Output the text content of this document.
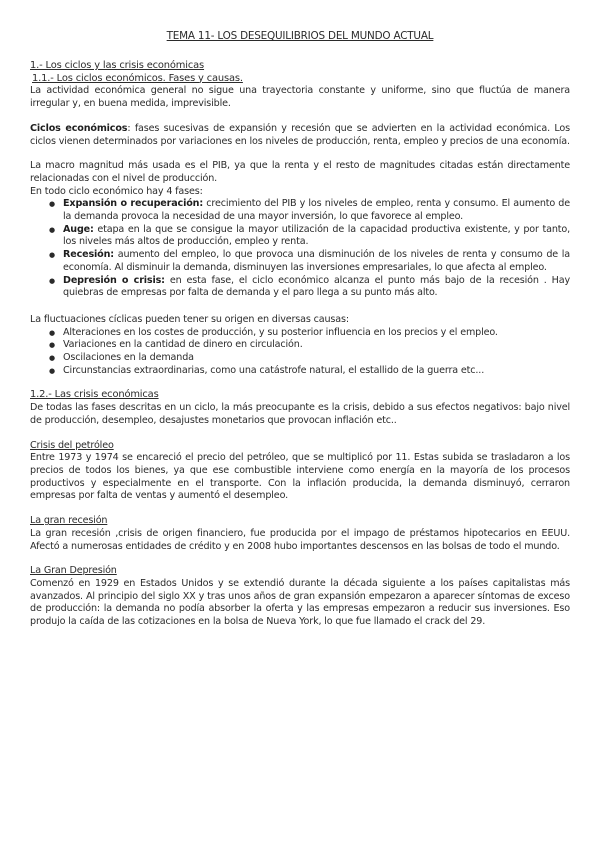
TEMA 11- LOS DESEQUILIBRIOS DEL MUNDO ACTUAL

1.- Los ciclos y las crisis económicas

1.1.- Los ciclos económicos. Fases y causas.

La actividad económica general no sigue una trayectoria constante y uniforme, sino que fluctúa de manera irregular y, en buena medida, imprevisible.

Ciclos económicos: fases sucesivas de expansión y recesión que se advierten en la actividad económica. Los ciclos vienen determinados por variaciones en los niveles de producción, renta, empleo y precios de una economía.

La macro magnitud más usada es el PIB, ya que la renta y el resto de magnitudes citadas están directamente relacionadas con el nivel de producción.

En todo ciclo económico hay 4 fases:

● Expansión o recuperación: crecimiento del PIB y los niveles de empleo, renta y consumo. El aumento de la demanda provoca la necesidad de una mayor inversión, lo que favorece al empleo.
● Auge: etapa en la que se consigue la mayor utilización de la capacidad productiva existente, y por tanto, los niveles más altos de producción, empleo y renta.
● Recesión: aumento del empleo, lo que provoca una disminución de los niveles de renta y consumo de la economía. Al disminuir la demanda, disminuyen las inversiones empresariales, lo que afecta al empleo.
● Depresión o crisis: en esta fase, el ciclo económico alcanza el punto más bajo de la recesión . Hay quiebras de empresas por falta de demanda y el paro llega a su punto más alto.

La fluctuaciones cíclicas pueden tener su origen en diversas causas:

● Alteraciones en los costes de producción, y su posterior influencia en los precios y el empleo.
● Variaciones en la cantidad de dinero en circulación.
● Oscilaciones en la demanda
● Circunstancias extraordinarias, como una catástrofe natural, el estallido de la guerra etc...

1.2.- Las crisis económicas

De todas las fases descritas en un ciclo, la más preocupante es la crisis, debido a sus efectos negativos: bajo nivel de producción, desempleo, desajustes monetarios que provocan inflación etc..

Crisis del petróleo

Entre 1973 y 1974 se encareció el precio del petróleo, que se multiplicó por 11. Estas subida se trasladaron a los precios de todos los bienes, ya que ese combustible interviene como energía en la mayoría de los procesos productivos y especialmente en el transporte. Con la inflación producida, la demanda disminuyó, cerraron empresas por falta de ventas y aumentó el desempleo.

La gran recesión

La gran recesión ,crisis de origen financiero, fue producida por el impago de préstamos hipotecarios en EEUU. Afectó a numerosas entidades de crédito y en 2008 hubo importantes descensos en las bolsas de todo el mundo.

La Gran Depresión

Comenzó en 1929 en Estados Unidos y se extendió durante la década siguiente a los países capitalistas más avanzados. Al principio del siglo XX y tras unos años de gran expansión empezaron a aparecer síntomas de exceso de producción: la demanda no podía absorber la oferta y las empresas empezaron a reducir sus inversiones. Eso produjo la caída de las cotizaciones en la bolsa de Nueva York, lo que fue llamado el crack del 29.
